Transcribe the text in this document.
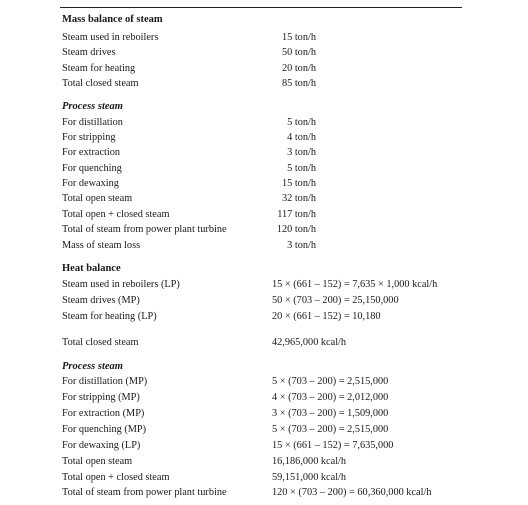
Mass balance of steam
Steam used in reboilers	15 ton/h
Steam drives	50 ton/h
Steam for heating	20 ton/h
Total closed steam	85 ton/h
Process steam
For distillation	5 ton/h
For stripping	4 ton/h
For extraction	3 ton/h
For quenching	5 ton/h
For dewaxing	15 ton/h
Total open steam	32 ton/h
Total open + closed steam	117 ton/h
Total of steam from power plant turbine	120 ton/h
Mass of steam loss	3 ton/h
Heat balance
Steam used in reboilers (LP)	15 × (661 – 152) = 7,635 × 1,000 kcal/h
Steam drives (MP)	50 × (703 – 200) = 25,150,000
Steam for heating (LP)	20 × (661 – 152) = 10,180
Total closed steam	42,965,000 kcal/h
Process steam
For distillation (MP)	5 × (703 – 200) = 2,515,000
For stripping (MP)	4 × (703 – 200) = 2,012,000
For extraction (MP)	3 × (703 – 200) = 1,509,000
For quenching (MP)	5 × (703 – 200) = 2,515,000
For dewaxing (LP)	15 × (661 – 152) = 7,635,000
Total open steam	16,186,000 kcal/h
Total open + closed steam	59,151,000 kcal/h
Total of steam from power plant turbine	120 × (703 – 200) = 60,360,000 kcal/h
